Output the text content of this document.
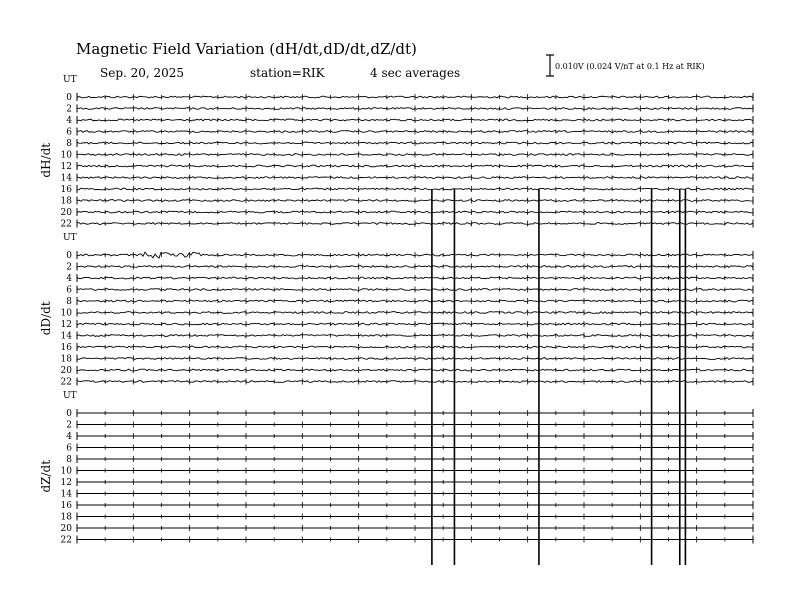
Magnetic Field Variation (dH/dt,dD/dt,dZ/dt)
Sep. 20, 2025	station=RIK	4 sec averages	0.010V (0.024 V/nT at 0.1 Hz at RIK)
UT
dH/dt
0
2
4
6
8
10
12
14
16
18
20
22
UT
dD/dt
0
2
4
6
8
10
12
14
16
18
20
22
UT
dZ/dt
0
2
4
6
8
10
12
14
16
18
20
22
